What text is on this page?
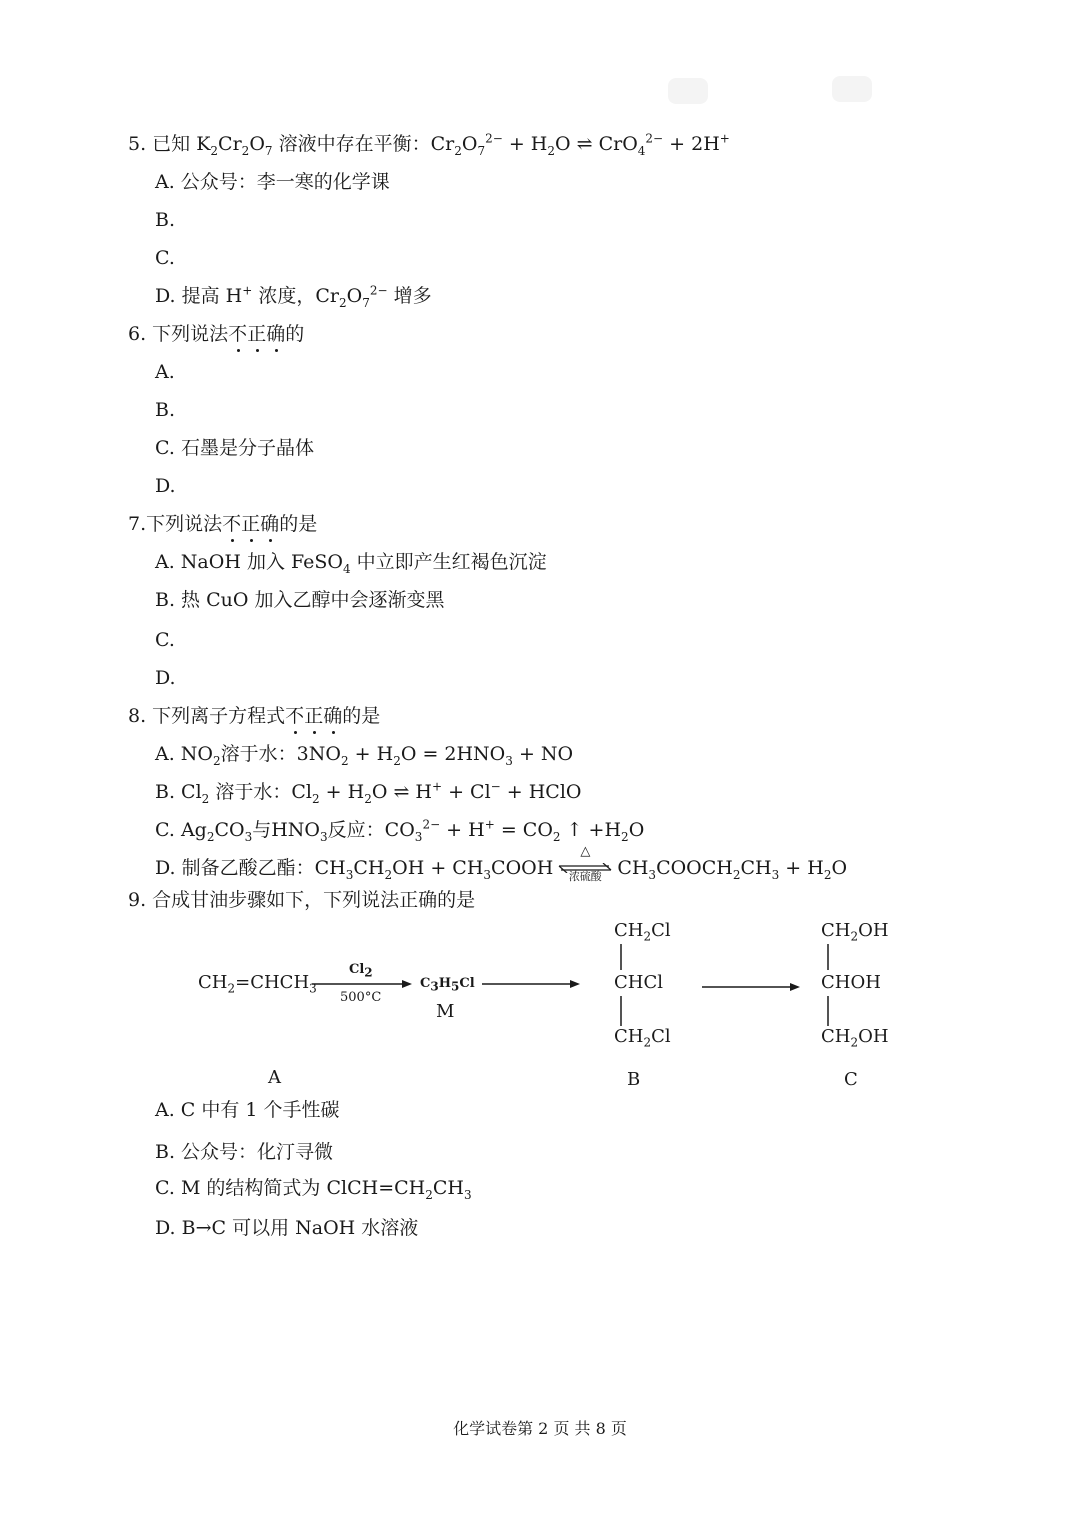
5. 已知 $K_2Cr_2O_7$ 溶液中存在平衡：$Cr_2O_7^{2-} + H_2O$ ⇌ CrO$_4^{2-}$ + 2H+
A. 公众号：李一寒的化学课
B.
C.
D. 提高 H+ 浓度，$Cr_2O_7^{2-}$ 增多
6. 下列说法不正确的
A.
B.
C. 石墨是分子晶体
D.
7.下列说法不正确的是
A. NaOH 加入 FeSO$_4$ 中立即产生红褐色沉淀
B. 热 CuO 加入乙醇中会逐渐变黑
C.
D.
8. 下列离子方程式不正确的是
A. $NO_2$溶于水：$3NO_2 + H_2O = 2HNO_3$ + NO
B. $Cl_2$ 溶于水：$Cl_2 + H_2O$ ⇌ H+ + Cl− + HClO
C. $Ag_2CO_3$与$HNO_3$反应：$CO_3^{2-} + H^+ = CO_2$ ↑ $+H_2O$
D. 制备乙酸乙酯：$CH_3CH_2OH$ + $CH_3COOH$
△
浓硫酸 $CH_3COOCH_2CH_3 + H_2O$
9. 合成甘油步骤如下，下列说法正确的是
$CH_2=CHCH_3$
$Cl_2$
500°C
$C_3H_5Cl$
M
$CH_2Cl$
CHCl
$CH_2Cl$
$CH_2OH$
CHOH
$CH_2OH$
A	B	C
A. C 中有 1 个手性碳
B. 公众号：化汀寻微
C. M 的结构简式为 $ClCH=CH_2CH_3$
D. B→C 可以用 NaOH 水溶液
化学试卷第 2 页 共 8 页
